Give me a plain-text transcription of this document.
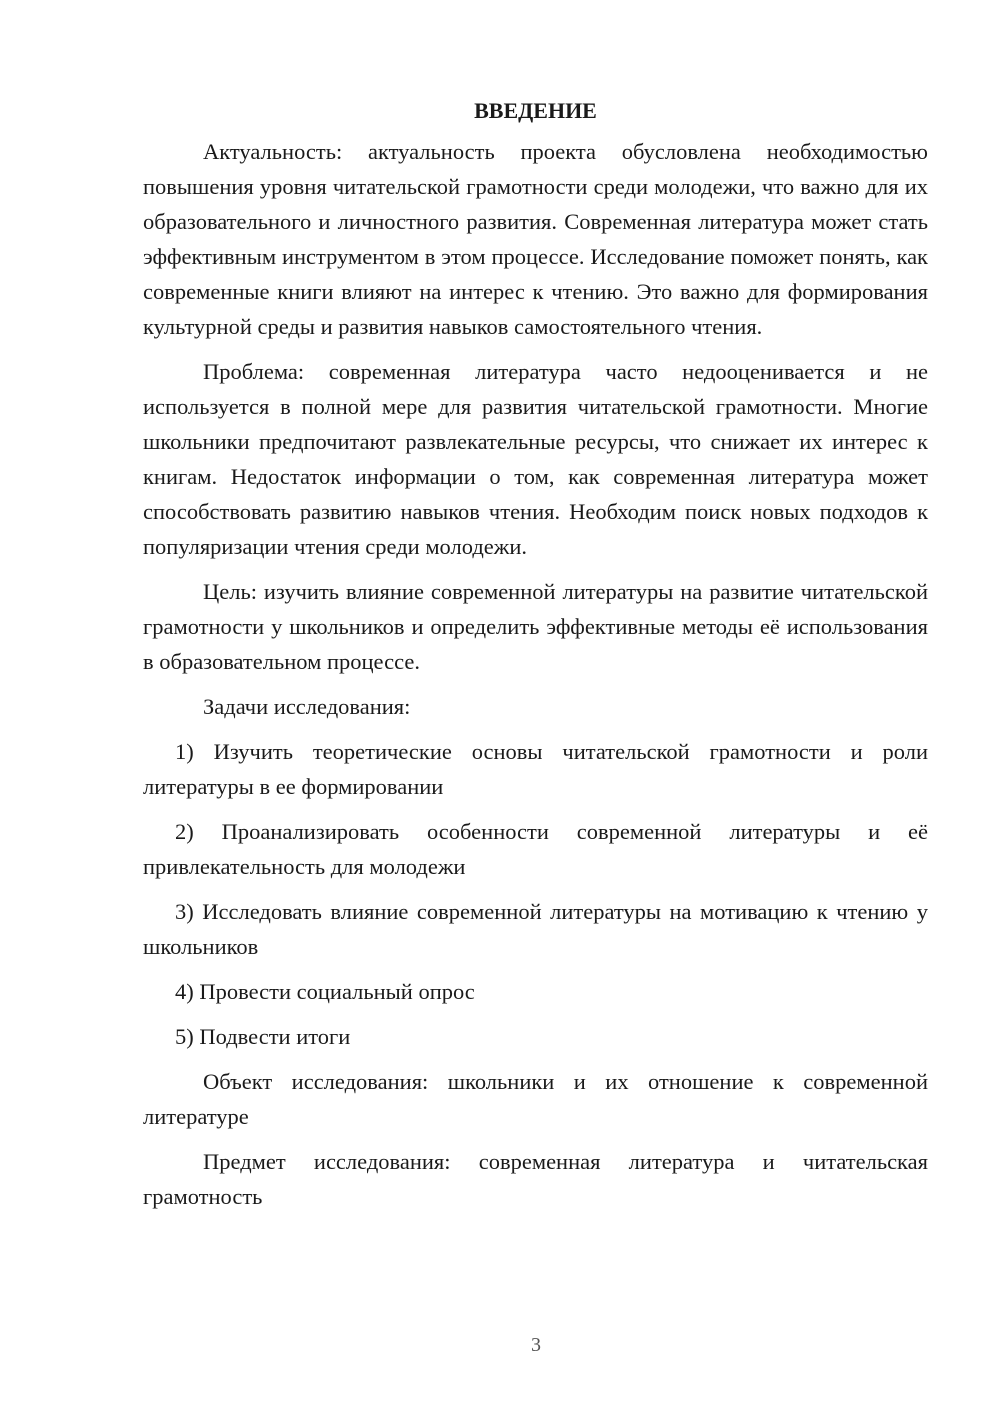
ВВЕДЕНИЕ

Актуальность: актуальность проекта обусловлена необходимостью повышения уровня читательской грамотности среди молодежи, что важно для их образовательного и личностного развития. Современная литература может стать эффективным инструментом в этом процессе. Исследование поможет понять, как современные книги влияют на интерес к чтению. Это важно для формирования культурной среды и развития навыков самостоятельного чтения.

Проблема: современная литература часто недооценивается и не используется в полной мере для развития читательской грамотности. Многие школьники предпочитают развлекательные ресурсы, что снижает их интерес к книгам. Недостаток информации о том, как современная литература может способствовать развитию навыков чтения. Необходим поиск новых подходов к популяризации чтения среди молодежи.

Цель: изучить влияние современной литературы на развитие читательской грамотности у школьников и определить эффективные методы её использования в образовательном процессе.

Задачи исследования:

1) Изучить теоретические основы читательской грамотности и роли литературы в ее формировании

2) Проанализировать особенности современной литературы и её привлекательность для молодежи

3) Исследовать влияние современной литературы на мотивацию к чтению у школьников

4) Провести социальный опрос

5) Подвести итоги

Объект исследования: школьники и их отношение к современной литературе

Предмет исследования: современная литература и читательская грамотность

3
